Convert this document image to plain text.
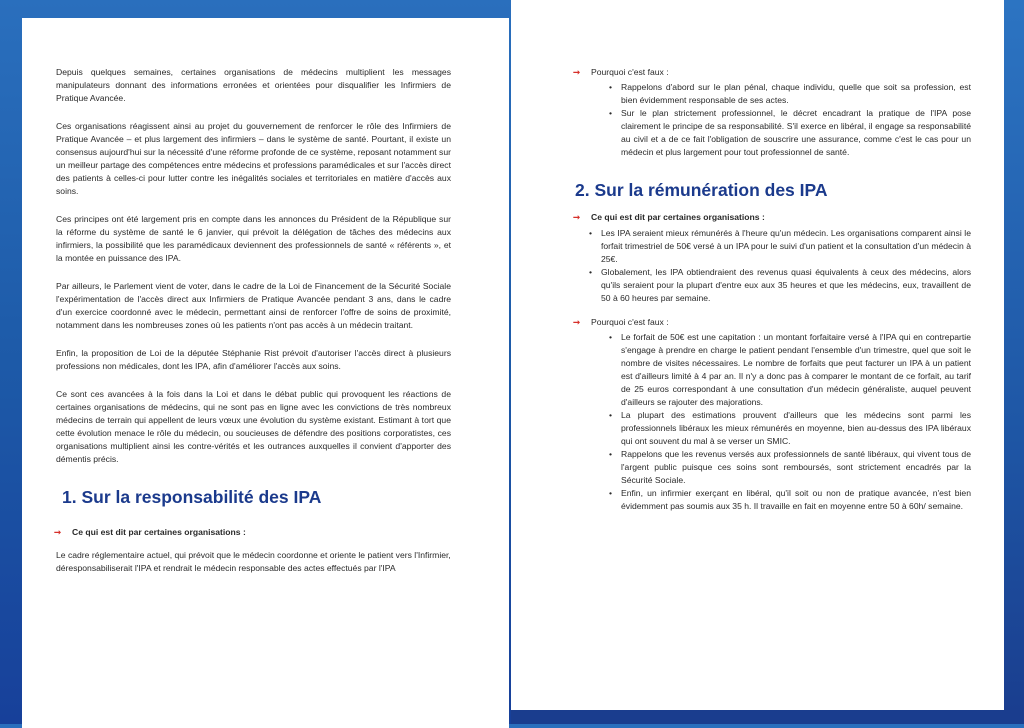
Depuis quelques semaines, certaines organisations de médecins multiplient les messages manipulateurs donnant des informations erronées et orientées pour disqualifier les Infirmiers de Pratique Avancée.

Ces organisations réagissent ainsi au projet du gouvernement de renforcer le rôle des Infirmiers de Pratique Avancée – et plus largement des infirmiers – dans le système de santé. Pourtant, il existe un consensus aujourd'hui sur la nécessité d'une réforme profonde de ce système, reposant notamment sur un meilleur partage des compétences entre médecins et professions paramédicales et sur l'accès direct des patients à celles-ci pour lutter contre les inégalités sociales et territoriales en matière d'accès aux soins.

Ces principes ont été largement pris en compte dans les annonces du Président de la République sur la réforme du système de santé le 6 janvier, qui prévoit la délégation de tâches des médecins aux infirmiers, la possibilité que les paramédicaux deviennent des professionnels de santé « référents », et la montée en puissance des IPA.

Par ailleurs, le Parlement vient de voter, dans le cadre de la Loi de Financement de la Sécurité Sociale l'expérimentation de l'accès direct aux Infirmiers de Pratique Avancée pendant 3 ans, dans le cadre d'un exercice coordonné avec le médecin, permettant ainsi de renforcer l'offre de soins de proximité, notamment dans les nombreuses zones où les patients n'ont pas accès à un médecin traitant.

Enfin, la proposition de Loi de la députée Stéphanie Rist prévoit d'autoriser l'accès direct à plusieurs professions non médicales, dont les IPA, afin d'améliorer l'accès aux soins.

Ce sont ces avancées à la fois dans la Loi et dans le débat public qui provoquent les réactions de certaines organisations de médecins, qui ne sont pas en ligne avec les convictions de très nombreux médecins de terrain qui appellent de leurs vœux une évolution du système existant. Estimant à tort que cette évolution menace le rôle du médecin, ou soucieuses de défendre des positions corporatistes, ces organisations multiplient ainsi les contre-vérités et les outrances auxquelles il convient d'apporter des démentis précis.

1. Sur la responsabilité des IPA
➞ Ce qui est dit par certaines organisations :

Le cadre réglementaire actuel, qui prévoit que le médecin coordonne et oriente le patient vers l'Infirmier, déresponsabiliserait l'IPA et rendrait le médecin responsable des actes effectués par l'IPA

➞ Pourquoi c'est faux :
• Rappelons d'abord sur le plan pénal, chaque individu, quelle que soit sa profession, est bien évidemment responsable de ses actes.
• Sur le plan strictement professionnel, le décret encadrant la pratique de l'IPA pose clairement le principe de sa responsabilité. S'il exerce en libéral, il engage sa responsabilité au civil et a de ce fait l'obligation de souscrire une assurance, comme c'est le cas pour un médecin et plus largement pour tout professionnel de santé.
2. Sur la rémunération des IPA
➞ Ce qui est dit par certaines organisations :
• Les IPA seraient mieux rémunérés à l'heure qu'un médecin. Les organisations comparent ainsi le forfait trimestriel de 50€ versé à un IPA pour le suivi d'un patient et la consultation d'un médecin à 25€.
• Globalement, les IPA obtiendraient des revenus quasi équivalents à ceux des médecins, alors qu'ils seraient pour la plupart d'entre eux aux 35 heures et que les médecins, eux, travaillent de 50 à 60 heures par semaine.
➞ Pourquoi c'est faux :
• Le forfait de 50€ est une capitation : un montant forfaitaire versé à l'IPA qui en contrepartie s'engage à prendre en charge le patient pendant l'ensemble d'un trimestre, quel que soit le nombre de visites nécessaires. Le nombre de forfaits que peut facturer un IPA à un patient est d'ailleurs limité à 4 par an. Il n'y a donc pas à comparer le montant de ce forfait, au tarif de 25 euros correspondant à une consultation d'un médecin généraliste, auquel peuvent d'ailleurs se rajouter des majorations.
• La plupart des estimations prouvent d'ailleurs que les médecins sont parmi les professionnels libéraux les mieux rémunérés en moyenne, bien au-dessus des IPA libéraux qui ont souvent du mal à se verser un SMIC.
• Rappelons que les revenus versés aux professionnels de santé libéraux, qui vivent tous de l'argent public puisque ces soins sont remboursés, sont strictement encadrés par la Sécurité Sociale.
• Enfin, un infirmier exerçant en libéral, qu'il soit ou non de pratique avancée, n'est bien évidemment pas soumis aux 35 h. Il travaille en fait en moyenne entre 50 à 60h/ semaine.
